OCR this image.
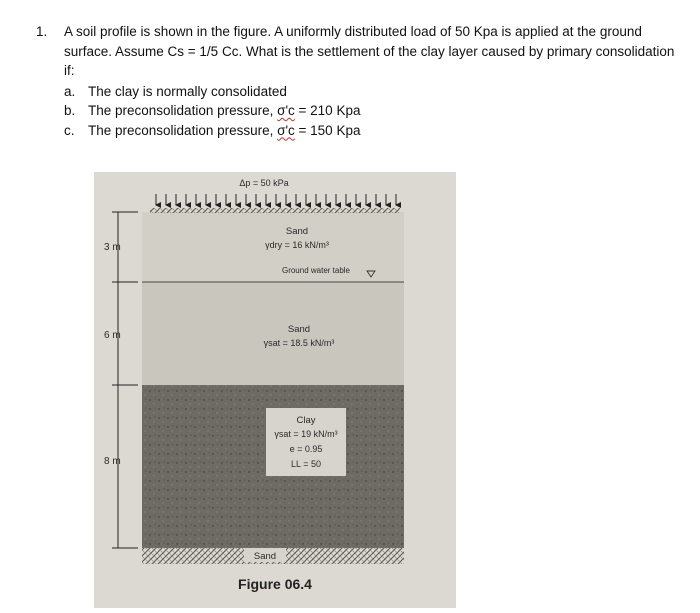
1.	A soil profile is shown in the figure. A uniformly distributed load of 50 Kpa is applied at the ground surface. Assume Cs = 1/5 Cc. What is the settlement of the clay layer caused by primary consolidation if:
a. The clay is normally consolidated
b. The preconsolidation pressure, σ'c = 210 Kpa
c. The preconsolidation pressure, σ'c = 150 Kpa
Δp = 50 kPa
3 m
6 m
8 m
Sand
γdry = 16 kN/m³
Ground water table
Sand
γsat = 18.5 kN/m³
Clay
γsat = 19 kN/m³
e = 0.95
LL = 50
Sand
Figure 06.4
